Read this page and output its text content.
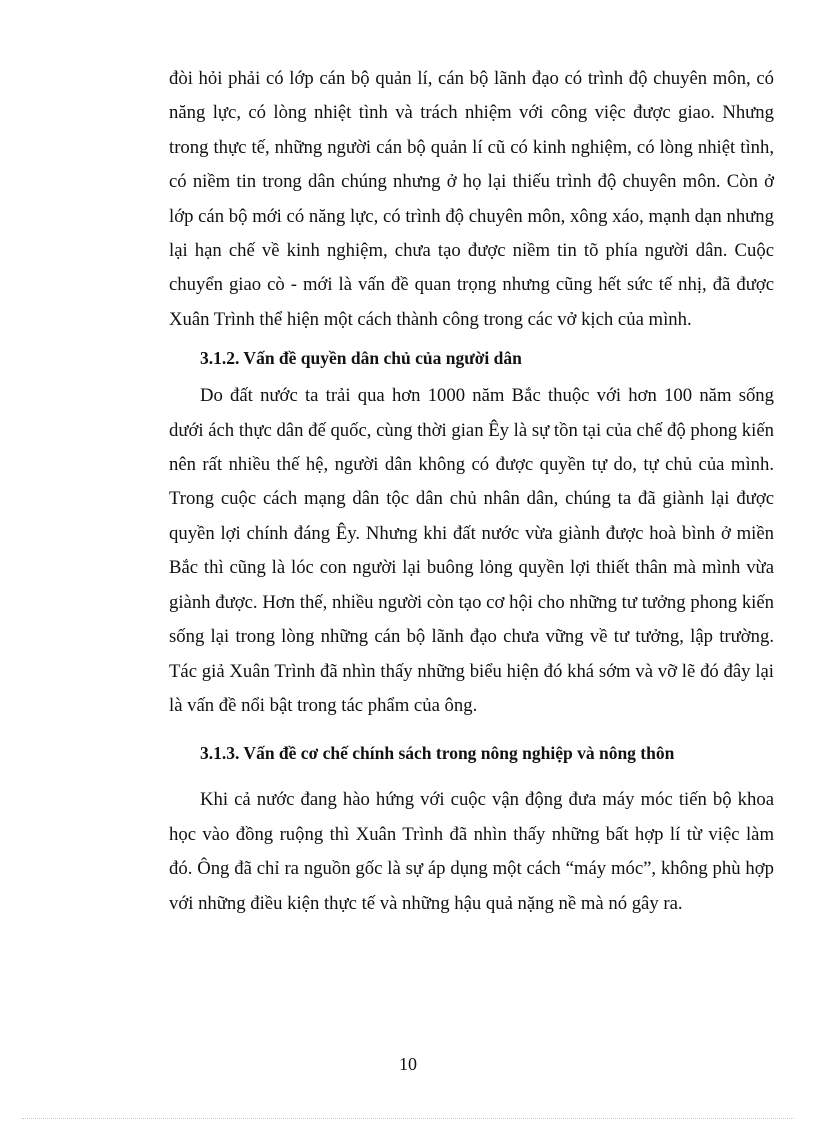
đòi hỏi phải có lớp cán bộ quản lí, cán bộ lãnh đạo có trình độ chuyên môn, có năng lực, có lòng nhiệt tình và trách nhiệm với công việc được giao. Nhưng trong thực tế, những người cán bộ quản lí cũ có kinh nghiệm, có lòng nhiệt tình, có niềm tin trong dân chúng nhưng ở họ lại thiếu trình độ chuyên môn. Còn ở lớp cán bộ mới có năng lực, có trình độ chuyên môn, xông xáo, mạnh dạn nhưng lại hạn chế về kinh nghiệm, chưa tạo được niềm tin tõ phía người dân. Cuộc chuyển giao cò - mới là vấn đề quan trọng nhưng cũng hết sức tế nhị, đã được Xuân Trình thể hiện một cách thành công trong các vở kịch của mình.

3.1.2. Vấn đề quyền dân chủ của người dân

Do đất nước ta trải qua hơn 1000 năm Bắc thuộc với hơn 100 năm sống dưới ách thực dân đế quốc, cùng thời gian Êy là sự tồn tại của chế độ phong kiến nên rất nhiều thế hệ, người dân không có được quyền tự do, tự chủ của mình. Trong cuộc cách mạng dân tộc dân chủ nhân dân, chúng ta đã giành lại được quyền lợi chính đáng Êy. Nhưng khi đất nước vừa giành được hoà bình ở miền Bắc thì cũng là lóc con người lại buông lỏng quyền lợi thiết thân mà mình vừa giành được. Hơn thế, nhiều người còn tạo cơ hội cho những tư tưởng phong kiến sống lại trong lòng những cán bộ lãnh đạo chưa vững về tư tưởng, lập trường. Tác giả Xuân Trình đã nhìn thấy những biểu hiện đó khá sớm và vỡ lẽ đó đây lại là vấn đề nổi bật trong tác phẩm của ông.

3.1.3. Vấn đề cơ chế chính sách trong nông nghiệp và nông thôn

Khi cả nước đang hào hứng với cuộc vận động đưa máy móc tiến bộ khoa học vào đồng ruộng thì Xuân Trình đã nhìn thấy những bất hợp lí từ việc làm đó. Ông đã chỉ ra nguồn gốc là sự áp dụng một cách “máy móc”, không phù hợp với những điều kiện thực tế và những hậu quả nặng nề mà nó gây ra.

10
